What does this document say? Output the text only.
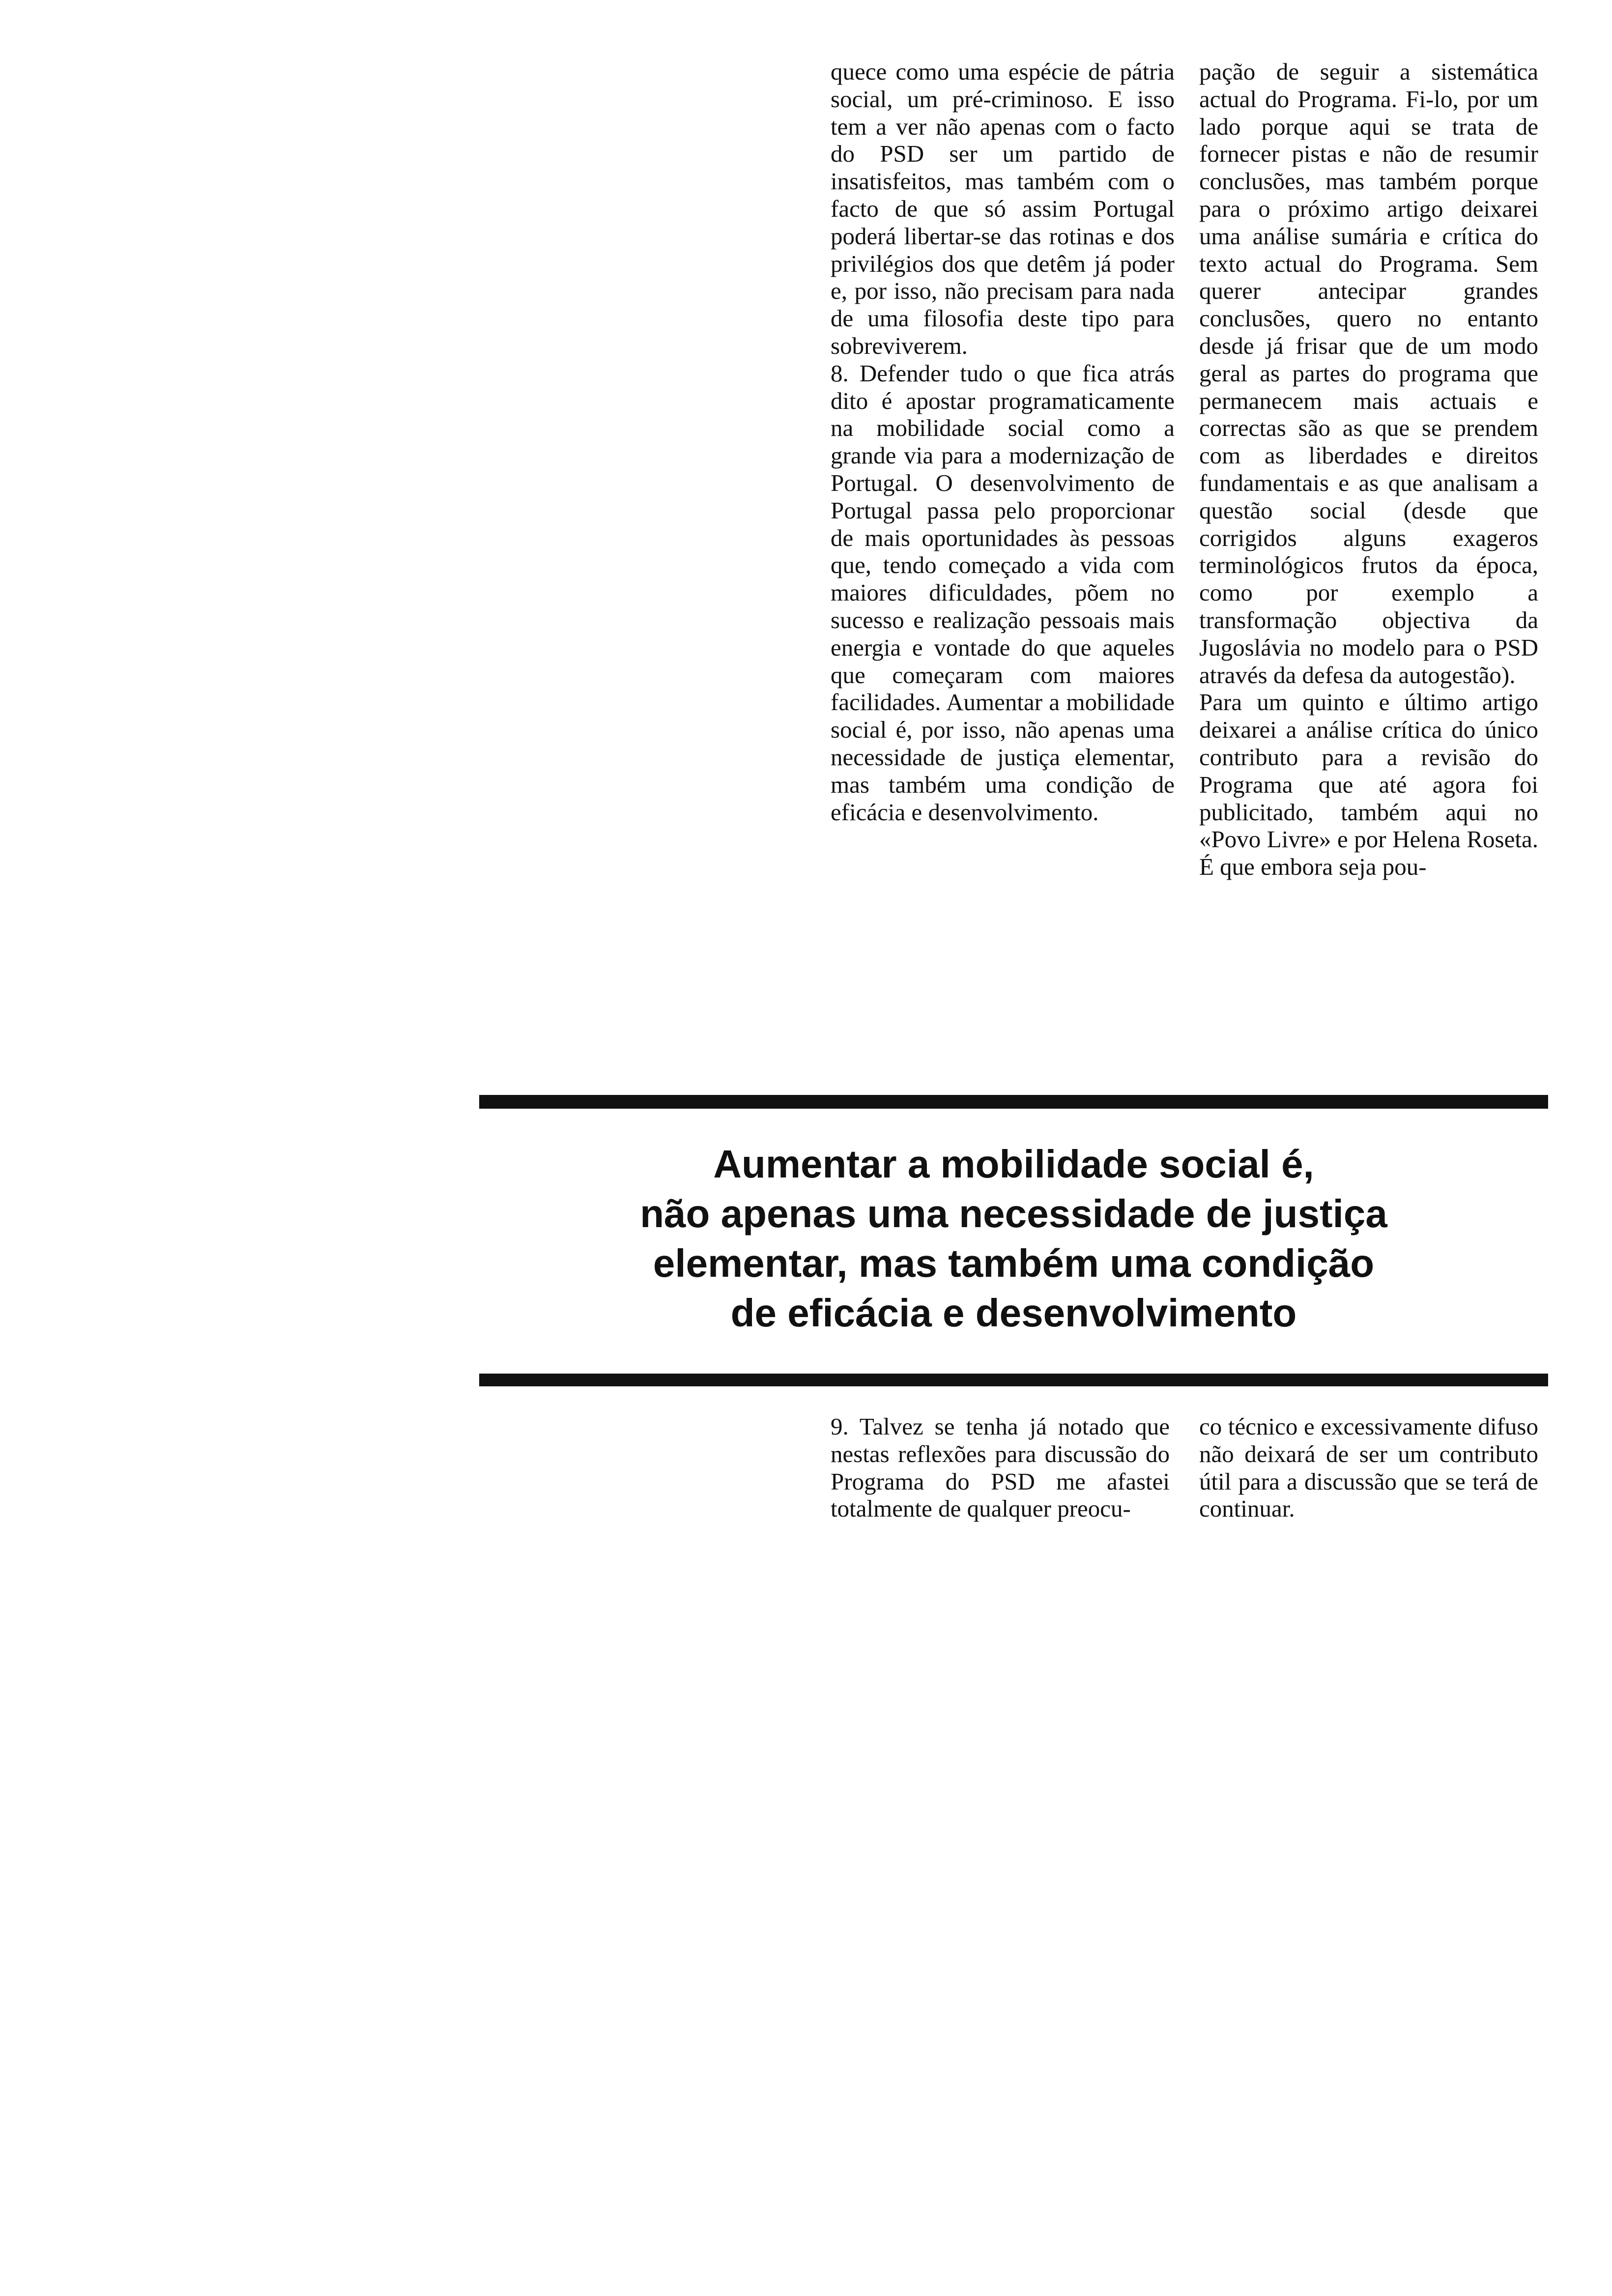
quece como uma espécie de pátria social, um pré-criminoso. E isso tem a ver não apenas com o facto do PSD ser um partido de insatisfeitos, mas também com o facto de que só assim Portugal poderá libertar-se das rotinas e dos privilégios dos que detêm já poder e, por isso, não precisam para nada de uma filosofia deste tipo para sobreviverem.

8. Defender tudo o que fica atrás dito é apostar programaticamente na mobilidade social como a grande via para a modernização de Portugal. O desenvolvimento de Portugal passa pelo proporcionar de mais oportunidades às pessoas que, tendo começado a vida com maiores dificuldades, põem no sucesso e realização pessoais mais energia e vontade do que aqueles que começaram com maiores facilidades. Aumentar a mobilidade social é, por isso, não apenas uma necessidade de justiça elementar, mas também uma condição de eficácia e desenvolvimento.

pação de seguir a sistemática actual do Programa. Fi-lo, por um lado porque aqui se trata de fornecer pistas e não de resumir conclusões, mas também porque para o próximo artigo deixarei uma análise sumária e crítica do texto actual do Programa. Sem querer antecipar grandes conclusões, quero no entanto desde já frisar que de um modo geral as partes do programa que permanecem mais actuais e correctas são as que se prendem com as liberdades e direitos fundamentais e as que analisam a questão social (desde que corrigidos alguns exageros terminológicos frutos da época, como por exemplo a transformação objectiva da Jugoslávia no modelo para o PSD através da defesa da autogestão).

Para um quinto e último artigo deixarei a análise crítica do único contributo para a revisão do Programa que até agora foi publicitado, também aqui no «Povo Livre» e por Helena Roseta. É que embora seja pou-

Aumentar a mobilidade social é,
não apenas uma necessidade de justiça
elementar, mas também uma condição
de eficácia e desenvolvimento

9. Talvez se tenha já notado que nestas reflexões para discussão do Programa do PSD me afastei totalmente de qualquer preocu-

co técnico e excessivamente difuso não deixará de ser um contributo útil para a discussão que se terá de continuar.
